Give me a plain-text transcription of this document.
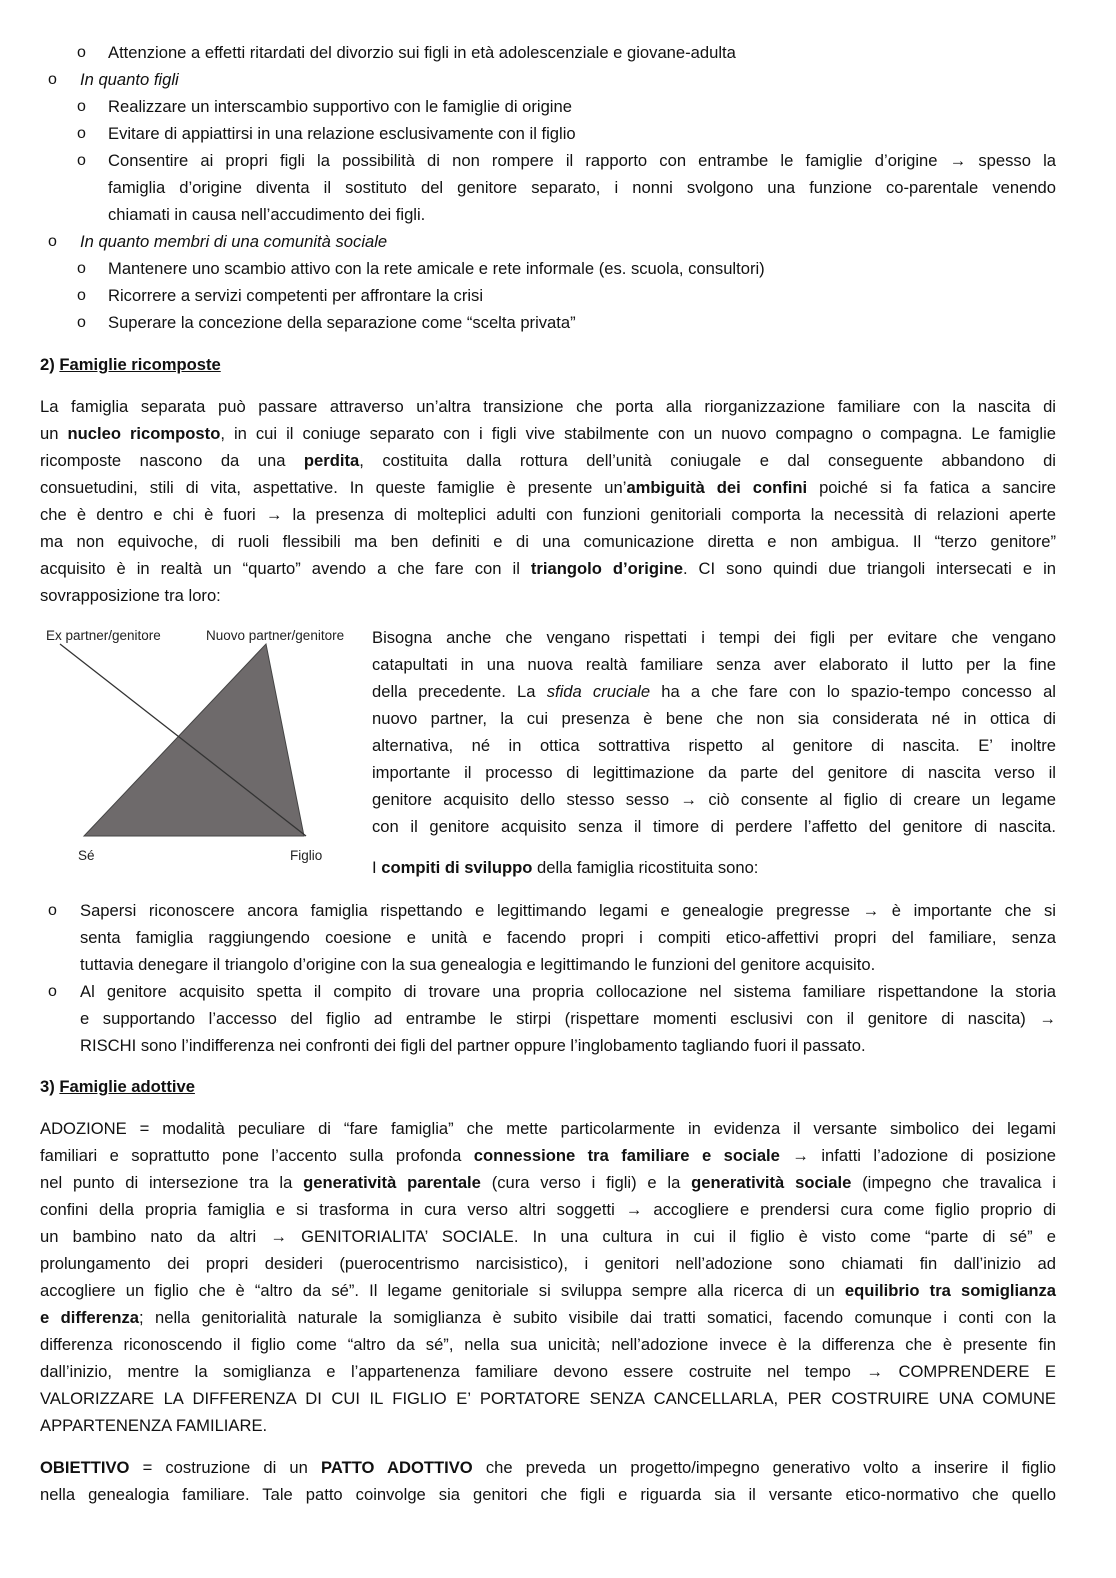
o Attenzione a effetti ritardati del divorzio sui figli in età adolescenziale e giovane-adulta
o In quanto figli
o Realizzare un interscambio supportivo con le famiglie di origine
o Evitare di appiattirsi in una relazione esclusivamente con il figlio
o Consentire ai propri figli la possibilità di non rompere il rapporto con entrambe le famiglie d’origine → spesso la
famiglia d’origine diventa il sostituto del genitore separato, i nonni svolgono una funzione co-parentale venendo
chiamati in causa nell’accudimento dei figli.
o In quanto membri di una comunità sociale
o Mantenere uno scambio attivo con la rete amicale e rete informale (es. scuola, consultori)
o Ricorrere a servizi competenti per affrontare la crisi
o Superare la concezione della separazione come “scelta privata”
2) Famiglie ricomposte
La famiglia separata può passare attraverso un’altra transizione che porta alla riorganizzazione familiare con la nascita di
un nucleo ricomposto, in cui il coniuge separato con i figli vive stabilmente con un nuovo compagno o compagna. Le famiglie
ricomposte nascono da una perdita, costituita dalla rottura dell’unità coniugale e dal conseguente abbandono di
consuetudini, stili di vita, aspettative. In queste famiglie è presente un’ambiguità dei confini poiché si fa fatica a sancire
che è dentro e chi è fuori → la presenza di molteplici adulti con funzioni genitoriali comporta la necessità di relazioni aperte
ma non equivoche, di ruoli flessibili ma ben definiti e di una comunicazione diretta e non ambigua. Il “terzo genitore”
acquisito è in realtà un “quarto” avendo a che fare con il triangolo d’origine. CI sono quindi due triangoli intersecati e in
sovrapposizione tra loro:
Ex partner/genitore	Nuovo partner/genitore
Sé	Figlio
Bisogna anche che vengano rispettati i tempi dei figli per evitare che vengano
catapultati in una nuova realtà familiare senza aver elaborato il lutto per la fine
della precedente. La sfida cruciale ha a che fare con lo spazio-tempo concesso al
nuovo partner, la cui presenza è bene che non sia considerata né in ottica di
alternativa, né in ottica sottrattiva rispetto al genitore di nascita. E’ inoltre
importante il processo di legittimazione da parte del genitore di nascita verso il
genitore acquisito dello stesso sesso → ciò consente al figlio di creare un legame
con il genitore acquisito senza il timore di perdere l’affetto del genitore di nascita.
I compiti di sviluppo della famiglia ricostituita sono:
o Sapersi riconoscere ancora famiglia rispettando e legittimando legami e genealogie pregresse → è importante che si
senta famiglia raggiungendo coesione e unità e facendo propri i compiti etico-affettivi propri del familiare, senza
tuttavia denegare il triangolo d’origine con la sua genealogia e legittimando le funzioni del genitore acquisito.
o Al genitore acquisito spetta il compito di trovare una propria collocazione nel sistema familiare rispettandone la storia
e supportando l’accesso del figlio ad entrambe le stirpi (rispettare momenti esclusivi con il genitore di nascita) →
RISCHI sono l’indifferenza nei confronti dei figli del partner oppure l’inglobamento tagliando fuori il passato.
3) Famiglie adottive
ADOZIONE = modalità peculiare di “fare famiglia” che mette particolarmente in evidenza il versante simbolico dei legami
familiari e soprattutto pone l’accento sulla profonda connessione tra familiare e sociale → infatti l’adozione di posizione
nel punto di intersezione tra la generatività parentale (cura verso i figli) e la generatività sociale (impegno che travalica i
confini della propria famiglia e si trasforma in cura verso altri soggetti → accogliere e prendersi cura come figlio proprio di
un bambino nato da altri → GENITORIALITA’ SOCIALE. In una cultura in cui il figlio è visto come “parte di sé” e
prolungamento dei propri desideri (puerocentrismo narcisistico), i genitori nell’adozione sono chiamati fin dall’inizio ad
accogliere un figlio che è “altro da sé”. Il legame genitoriale si sviluppa sempre alla ricerca di un equilibrio tra somiglianza
e differenza; nella genitorialità naturale la somiglianza è subito visibile dai tratti somatici, facendo comunque i conti con la
differenza riconoscendo il figlio come “altro da sé”, nella sua unicità; nell’adozione invece è la differenza che è presente fin
dall’inizio, mentre la somiglianza e l’appartenenza familiare devono essere costruite nel tempo → COMPRENDERE E
VALORIZZARE LA DIFFERENZA DI CUI IL FIGLIO E’ PORTATORE SENZA CANCELLARLA, PER COSTRUIRE UNA COMUNE
APPARTENENZA FAMILIARE.
OBIETTIVO = costruzione di un PATTO ADOTTIVO che preveda un progetto/impegno generativo volto a inserire il figlio
nella genealogia familiare. Tale patto coinvolge sia genitori che figli e riguarda sia il versante etico-normativo che quello
